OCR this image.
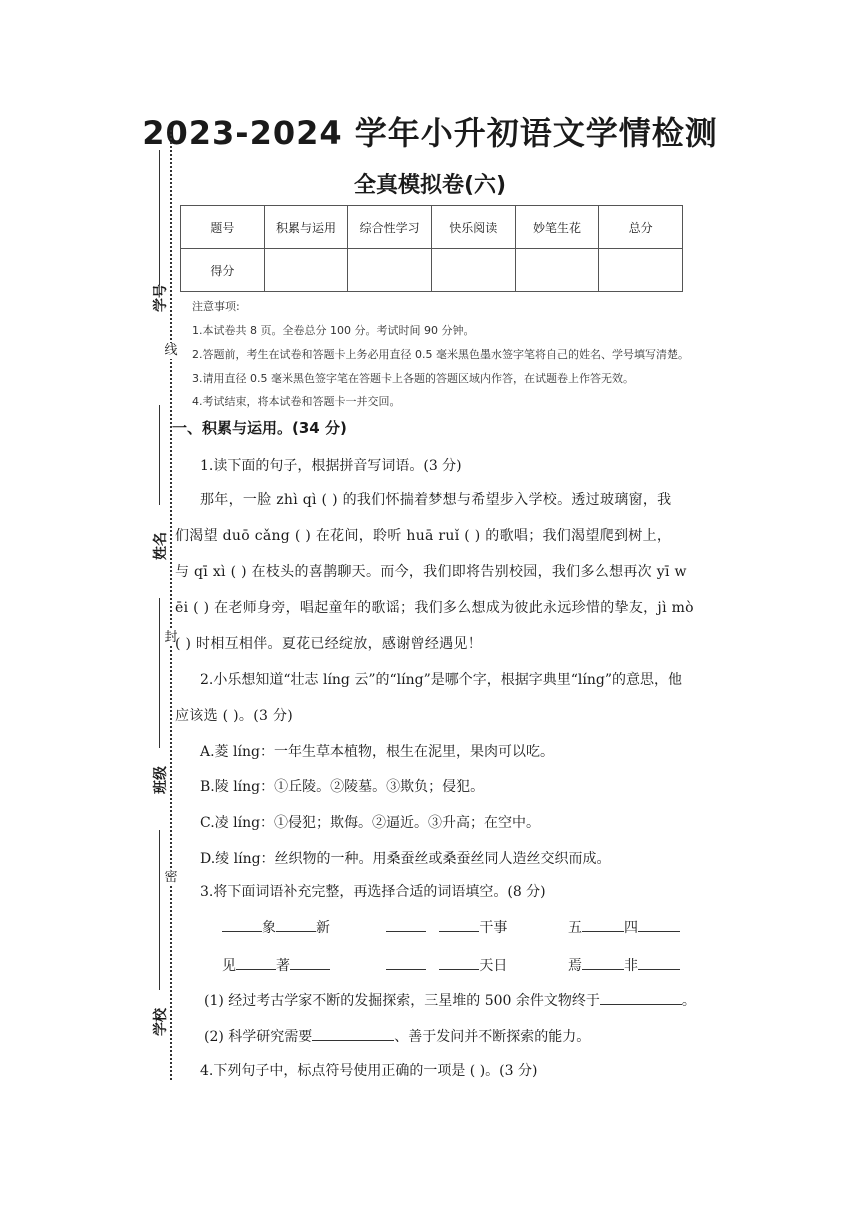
2023-2024 学年小升初语文学情检测
全真模拟卷(六)
题号	积累与运用	综合性学习	快乐阅读	妙笔生花	总分
得分					
注意事项:
1.本试卷共 8 页。全卷总分 100 分。考试时间 90 分钟。
2.答题前，考生在试卷和答题卡上务必用直径 0.5 毫米黑色墨水签字笔将自己的姓名、学号填写清楚。
3.请用直径 0.5 毫米黑色签字笔在答题卡上各题的答题区域内作答，在试题卷上作答无效。
4.考试结束，将本试卷和答题卡一并交回。
线
封
密
学号
姓名
班级
学校
一、积累与运用。(34 分)
1.读下面的句子，根据拼音写词语。(3 分)
那年，一脸 zhì qì ( ) 的我们怀揣着梦想与希望步入学校。透过玻璃窗，我
们渴望 duō cǎng ( ) 在花间，聆听 huā ruǐ ( ) 的歌唱；我们渴望爬到树上，
与 qī xì ( ) 在枝头的喜鹊聊天。而今，我们即将告别校园，我们多么想再次 yī w
ēi ( ) 在老师身旁，唱起童年的歌谣；我们多么想成为彼此永远珍惜的挚友，jì mò
( ) 时相互相伴。夏花已经绽放，感谢曾经遇见！
2.小乐想知道“壮志 líng 云”的“líng”是哪个字，根据字典里“líng”的意思，他
应该选 ( )。(3 分)
A.菱 líng：一年生草本植物，根生在泥里，果肉可以吃。
B.陵 líng：①丘陵。②陵墓。③欺负；侵犯。
C.凌 líng：①侵犯；欺侮。②逼近。③升高；在空中。
D.绫 líng：丝织物的一种。用桑蚕丝或桑蚕丝同人造丝交织而成。
3.将下面词语补充完整，再选择合适的词语填空。(8 分)
象	新	干事	五	四
见	著	天日	焉	非
(1) 经过考古学家不断的发掘探索，三星堆的 500 余件文物终于	。
(2) 科学研究需要	、善于发问并不断探索的能力。
4.下列句子中，标点符号使用正确的一项是 ( )。(3 分)
